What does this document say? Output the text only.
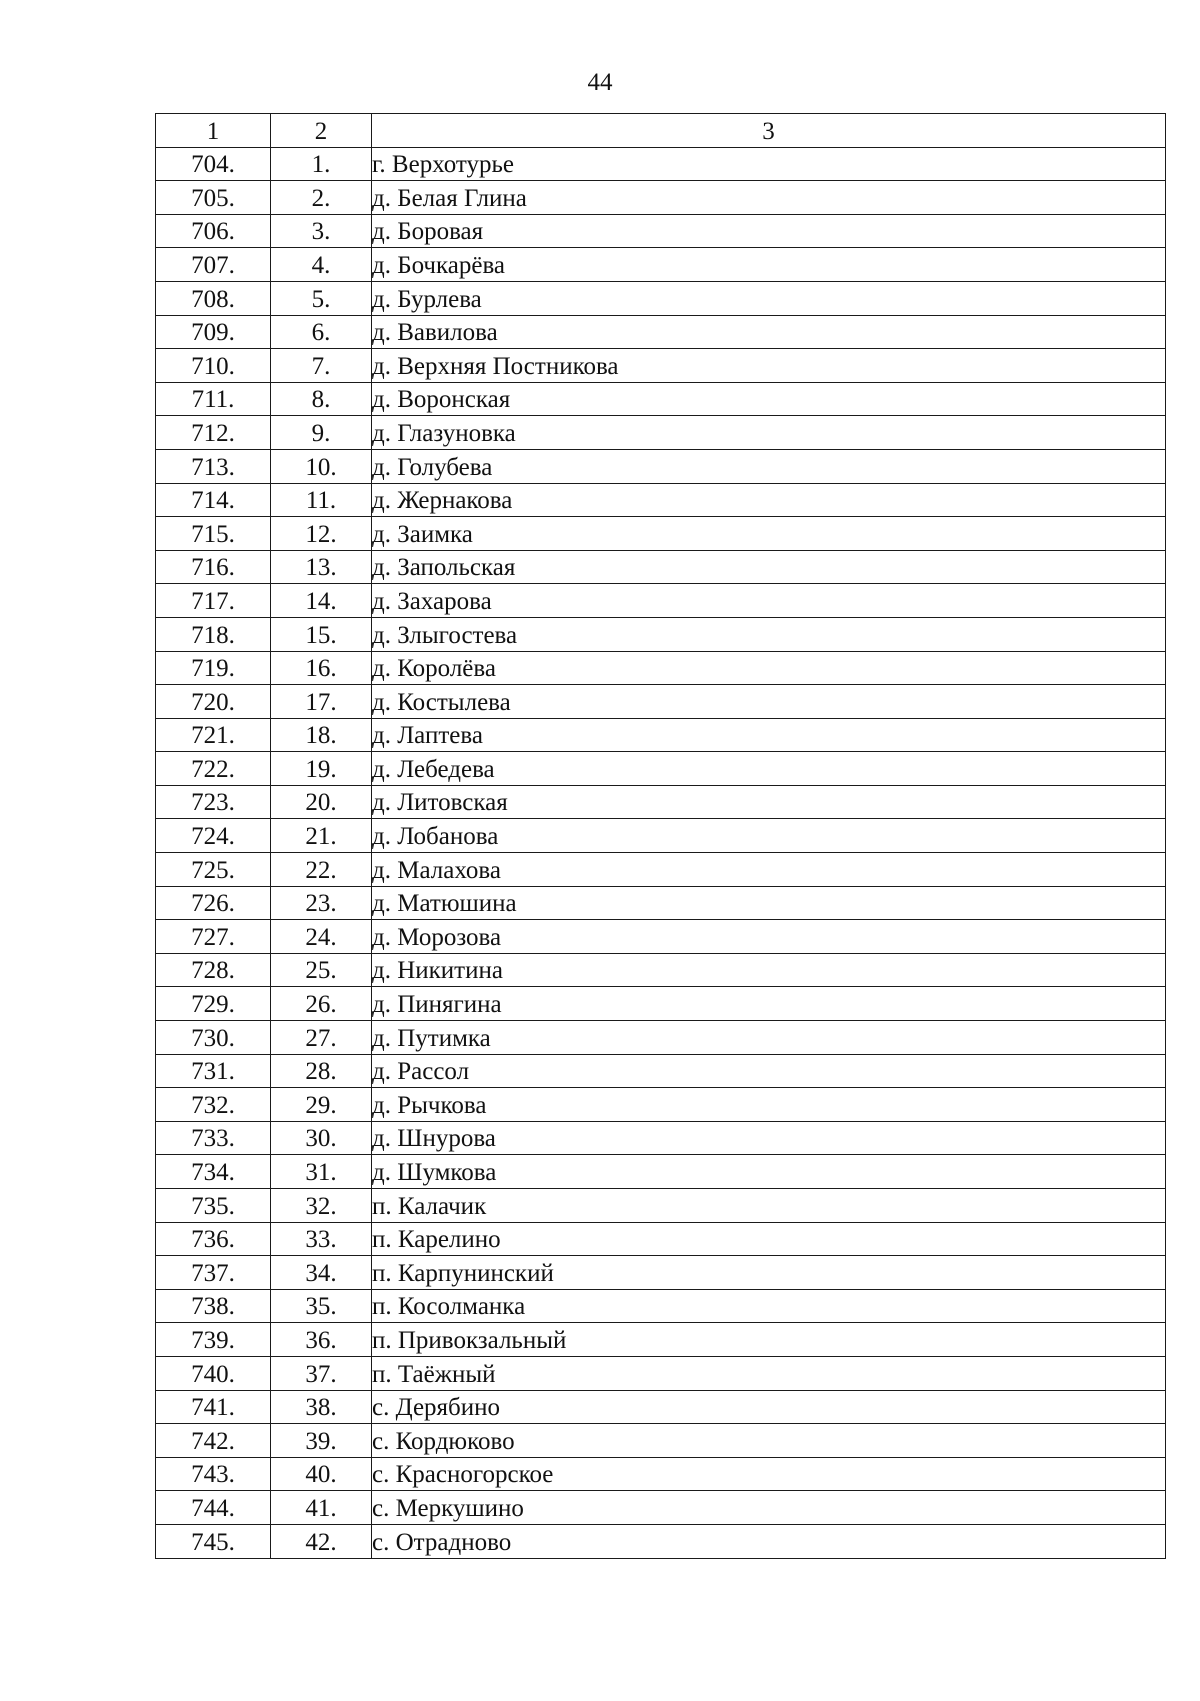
44
1	2	3
704.	1.	г. Верхотурье
705.	2.	д. Белая Глина
706.	3.	д. Боровая
707.	4.	д. Бочкарёва
708.	5.	д. Бурлева
709.	6.	д. Вавилова
710.	7.	д. Верхняя Постникова
711.	8.	д. Воронская
712.	9.	д. Глазуновка
713.	10.	д. Голубева
714.	11.	д. Жернакова
715.	12.	д. Заимка
716.	13.	д. Запольская
717.	14.	д. Захарова
718.	15.	д. Злыгостева
719.	16.	д. Королёва
720.	17.	д. Костылева
721.	18.	д. Лаптева
722.	19.	д. Лебедева
723.	20.	д. Литовская
724.	21.	д. Лобанова
725.	22.	д. Малахова
726.	23.	д. Матюшина
727.	24.	д. Морозова
728.	25.	д. Никитина
729.	26.	д. Пинягина
730.	27.	д. Путимка
731.	28.	д. Рассол
732.	29.	д. Рычкова
733.	30.	д. Шнурова
734.	31.	д. Шумкова
735.	32.	п. Калачик
736.	33.	п. Карелино
737.	34.	п. Карпунинский
738.	35.	п. Косолманка
739.	36.	п. Привокзальный
740.	37.	п. Таёжный
741.	38.	с. Дерябино
742.	39.	с. Кордюково
743.	40.	с. Красногорское
744.	41.	с. Меркушино
745.	42.	с. Отрадново
